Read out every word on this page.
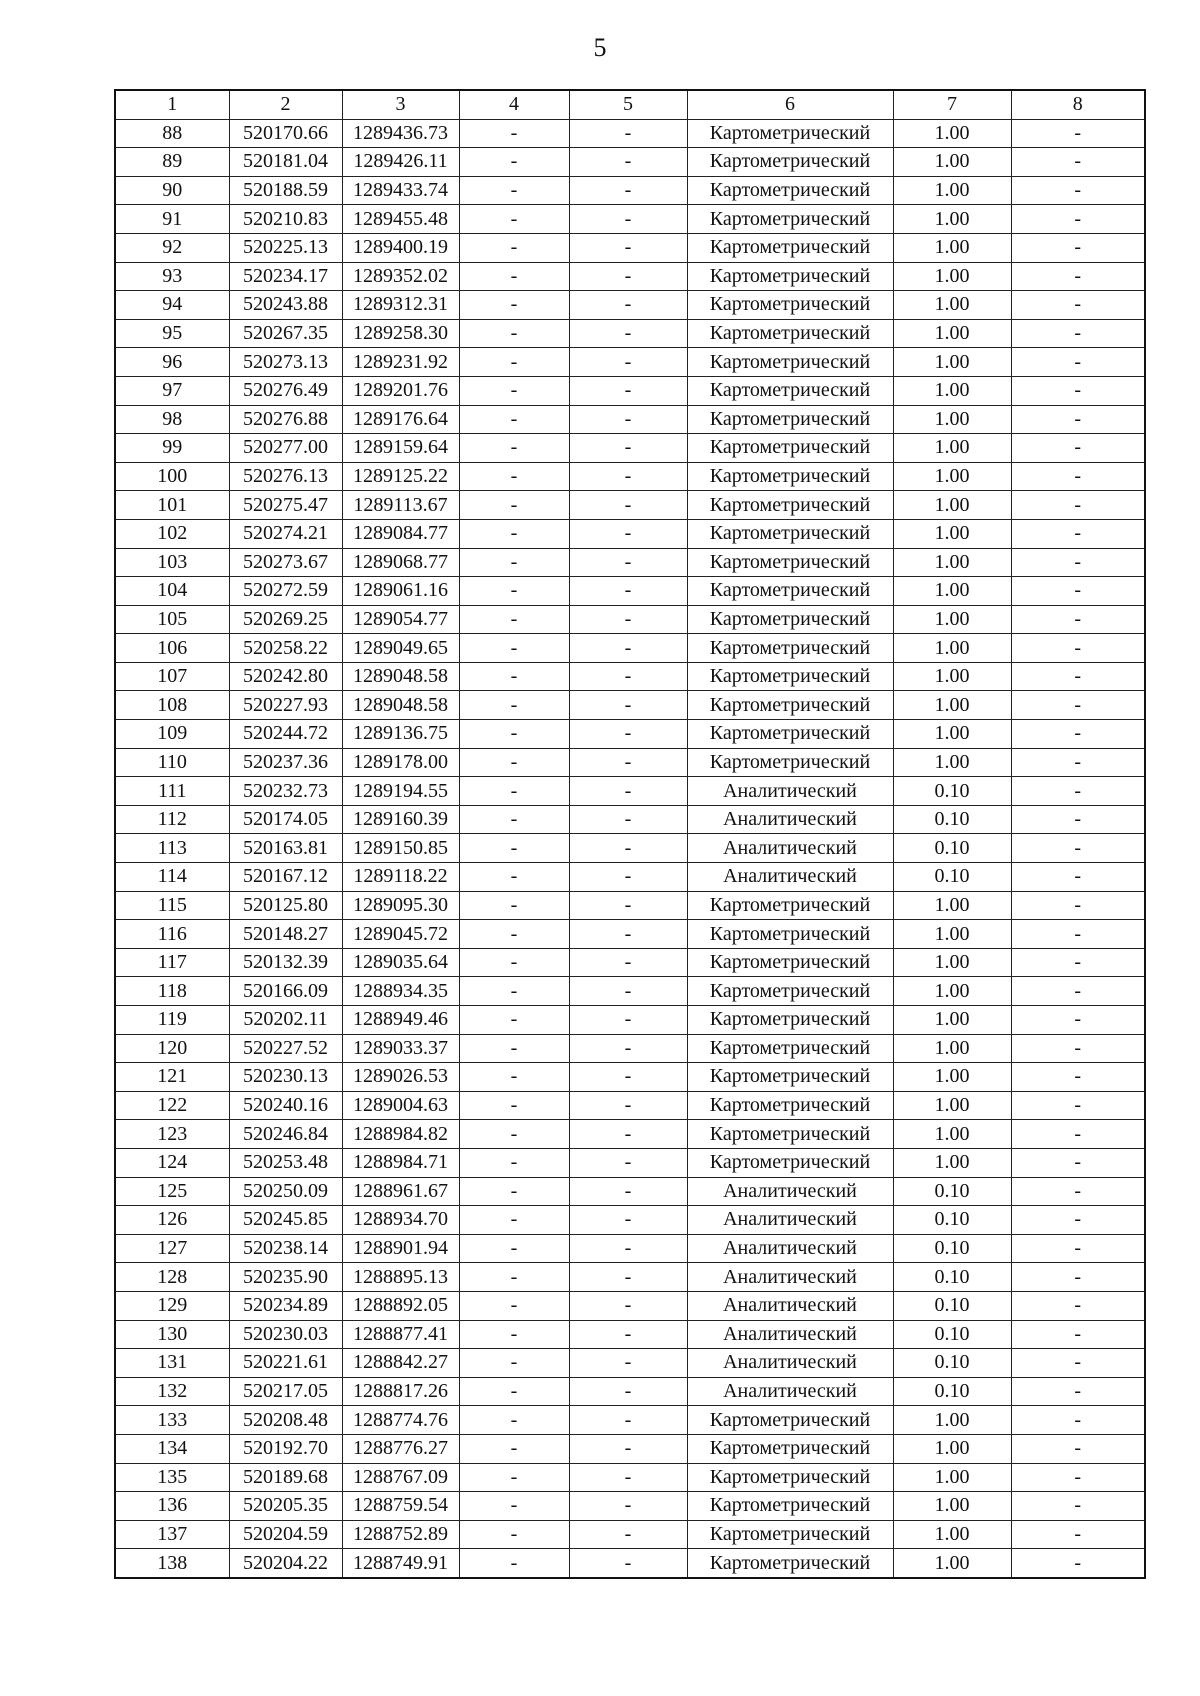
5
1	2	3	4	5	6	7	8
88	520170.66	1289436.73	-	-	Картометрический	1.00	-
89	520181.04	1289426.11	-	-	Картометрический	1.00	-
90	520188.59	1289433.74	-	-	Картометрический	1.00	-
91	520210.83	1289455.48	-	-	Картометрический	1.00	-
92	520225.13	1289400.19	-	-	Картометрический	1.00	-
93	520234.17	1289352.02	-	-	Картометрический	1.00	-
94	520243.88	1289312.31	-	-	Картометрический	1.00	-
95	520267.35	1289258.30	-	-	Картометрический	1.00	-
96	520273.13	1289231.92	-	-	Картометрический	1.00	-
97	520276.49	1289201.76	-	-	Картометрический	1.00	-
98	520276.88	1289176.64	-	-	Картометрический	1.00	-
99	520277.00	1289159.64	-	-	Картометрический	1.00	-
100	520276.13	1289125.22	-	-	Картометрический	1.00	-
101	520275.47	1289113.67	-	-	Картометрический	1.00	-
102	520274.21	1289084.77	-	-	Картометрический	1.00	-
103	520273.67	1289068.77	-	-	Картометрический	1.00	-
104	520272.59	1289061.16	-	-	Картометрический	1.00	-
105	520269.25	1289054.77	-	-	Картометрический	1.00	-
106	520258.22	1289049.65	-	-	Картометрический	1.00	-
107	520242.80	1289048.58	-	-	Картометрический	1.00	-
108	520227.93	1289048.58	-	-	Картометрический	1.00	-
109	520244.72	1289136.75	-	-	Картометрический	1.00	-
110	520237.36	1289178.00	-	-	Картометрический	1.00	-
111	520232.73	1289194.55	-	-	Аналитический	0.10	-
112	520174.05	1289160.39	-	-	Аналитический	0.10	-
113	520163.81	1289150.85	-	-	Аналитический	0.10	-
114	520167.12	1289118.22	-	-	Аналитический	0.10	-
115	520125.80	1289095.30	-	-	Картометрический	1.00	-
116	520148.27	1289045.72	-	-	Картометрический	1.00	-
117	520132.39	1289035.64	-	-	Картометрический	1.00	-
118	520166.09	1288934.35	-	-	Картометрический	1.00	-
119	520202.11	1288949.46	-	-	Картометрический	1.00	-
120	520227.52	1289033.37	-	-	Картометрический	1.00	-
121	520230.13	1289026.53	-	-	Картометрический	1.00	-
122	520240.16	1289004.63	-	-	Картометрический	1.00	-
123	520246.84	1288984.82	-	-	Картометрический	1.00	-
124	520253.48	1288984.71	-	-	Картометрический	1.00	-
125	520250.09	1288961.67	-	-	Аналитический	0.10	-
126	520245.85	1288934.70	-	-	Аналитический	0.10	-
127	520238.14	1288901.94	-	-	Аналитический	0.10	-
128	520235.90	1288895.13	-	-	Аналитический	0.10	-
129	520234.89	1288892.05	-	-	Аналитический	0.10	-
130	520230.03	1288877.41	-	-	Аналитический	0.10	-
131	520221.61	1288842.27	-	-	Аналитический	0.10	-
132	520217.05	1288817.26	-	-	Аналитический	0.10	-
133	520208.48	1288774.76	-	-	Картометрический	1.00	-
134	520192.70	1288776.27	-	-	Картометрический	1.00	-
135	520189.68	1288767.09	-	-	Картометрический	1.00	-
136	520205.35	1288759.54	-	-	Картометрический	1.00	-
137	520204.59	1288752.89	-	-	Картометрический	1.00	-
138	520204.22	1288749.91	-	-	Картометрический	1.00	-
